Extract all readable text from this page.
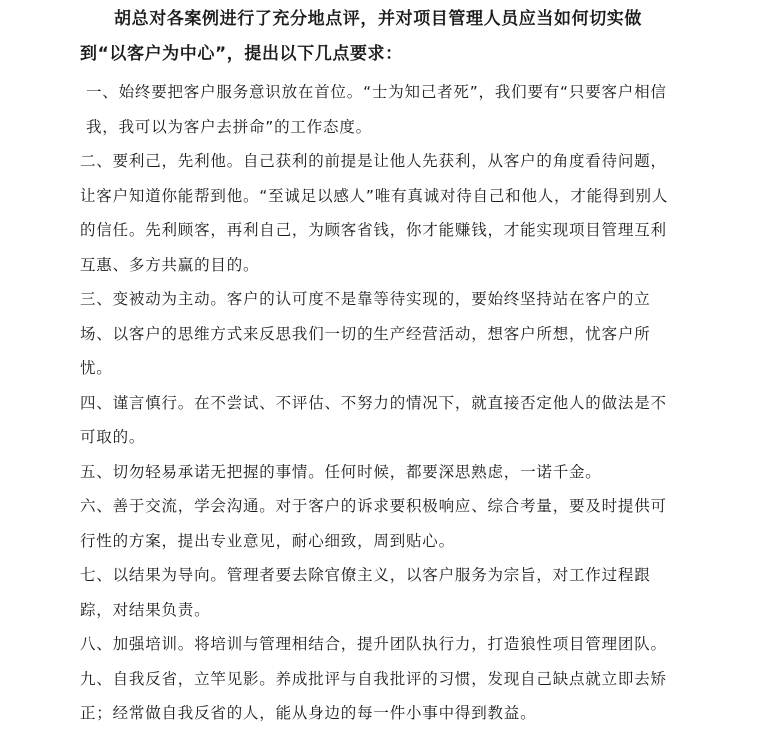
胡总对各案例进行了充分地点评，并对项目管理人员应当如何切实做到“以客户为中心”，提出以下几点要求：

一、始终要把客户服务意识放在首位。“士为知己者死”，我们要有“只要客户相信我，我可以为客户去拼命”的工作态度。

二、要利己，先利他。自己获利的前提是让他人先获利，从客户的角度看待问题，让客户知道你能帮到他。“至诚足以感人”唯有真诚对待自己和他人，才能得到别人的信任。先利顾客，再利自己，为顾客省钱，你才能赚钱，才能实现项目管理互利互惠、多方共赢的目的。

三、变被动为主动。客户的认可度不是靠等待实现的，要始终坚持站在客户的立场、以客户的思维方式来反思我们一切的生产经营活动，想客户所想，忧客户所忧。

四、谨言慎行。在不尝试、不评估、不努力的情况下，就直接否定他人的做法是不可取的。

五、切勿轻易承诺无把握的事情。任何时候，都要深思熟虑，一诺千金。

六、善于交流，学会沟通。对于客户的诉求要积极响应、综合考量，要及时提供可行性的方案，提出专业意见，耐心细致，周到贴心。

七、以结果为导向。管理者要去除官僚主义，以客户服务为宗旨，对工作过程跟踪，对结果负责。

八、加强培训。将培训与管理相结合，提升团队执行力，打造狼性项目管理团队。

九、自我反省，立竿见影。养成批评与自我批评的习惯，发现自己缺点就立即去矫正；经常做自我反省的人，能从身边的每一件小事中得到教益。
